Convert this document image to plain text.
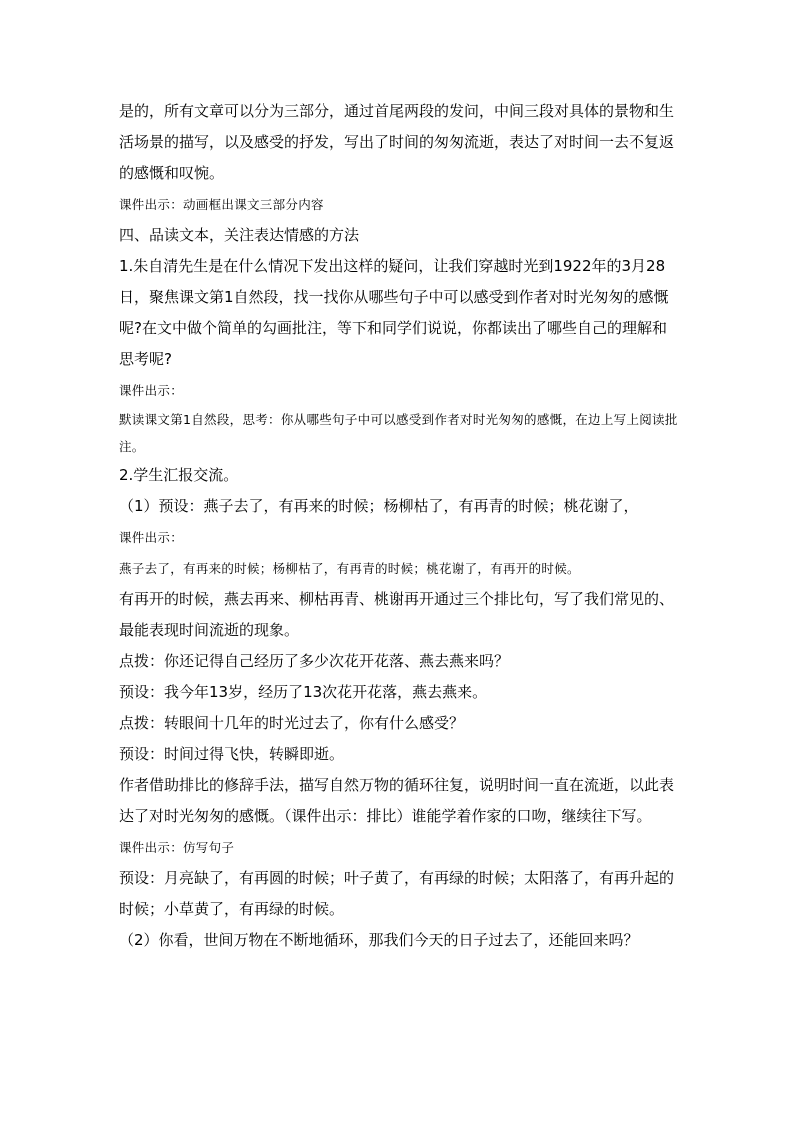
是的，所有文章可以分为三部分，通过首尾两段的发问，中间三段对具体的景物和生活场景的描写，以及感受的抒发，写出了时间的匆匆流逝，表达了对时间一去不复返的感慨和叹惋。

课件出示：动画框出课文三部分内容

四、品读文本，关注表达情感的方法

1.朱自清先生是在什么情况下发出这样的疑问，让我们穿越时光到1922年的3月28日，聚焦课文第1自然段，找一找你从哪些句子中可以感受到作者对时光匆匆的感慨呢?在文中做个简单的勾画批注，等下和同学们说说，你都读出了哪些自己的理解和思考呢?

课件出示：

默读课文第1自然段，思考：你从哪些句子中可以感受到作者对时光匆匆的感慨，在边上写上阅读批注。

2.学生汇报交流。

（1）预设：燕子去了，有再来的时候；杨柳枯了，有再青的时候；桃花谢了，

课件出示：

燕子去了，有再来的时候；杨柳枯了，有再青的时候；桃花谢了，有再开的时候。

有再开的时候，燕去再来、柳枯再青、桃谢再开通过三个排比句，写了我们常见的、最能表现时间流逝的现象。

点拨：你还记得自己经历了多少次花开花落、燕去燕来吗？

预设：我今年13岁，经历了13次花开花落，燕去燕来。

点拨：转眼间十几年的时光过去了，你有什么感受？

预设：时间过得飞快，转瞬即逝。

作者借助排比的修辞手法，描写自然万物的循环往复，说明时间一直在流逝，以此表达了对时光匆匆的感慨。（课件出示：排比）谁能学着作家的口吻，继续往下写。

课件出示：仿写句子

预设：月亮缺了，有再圆的时候；叶子黄了，有再绿的时候；太阳落了，有再升起的时候；小草黄了，有再绿的时候。

（2）你看，世间万物在不断地循环，那我们今天的日子过去了，还能回来吗？
